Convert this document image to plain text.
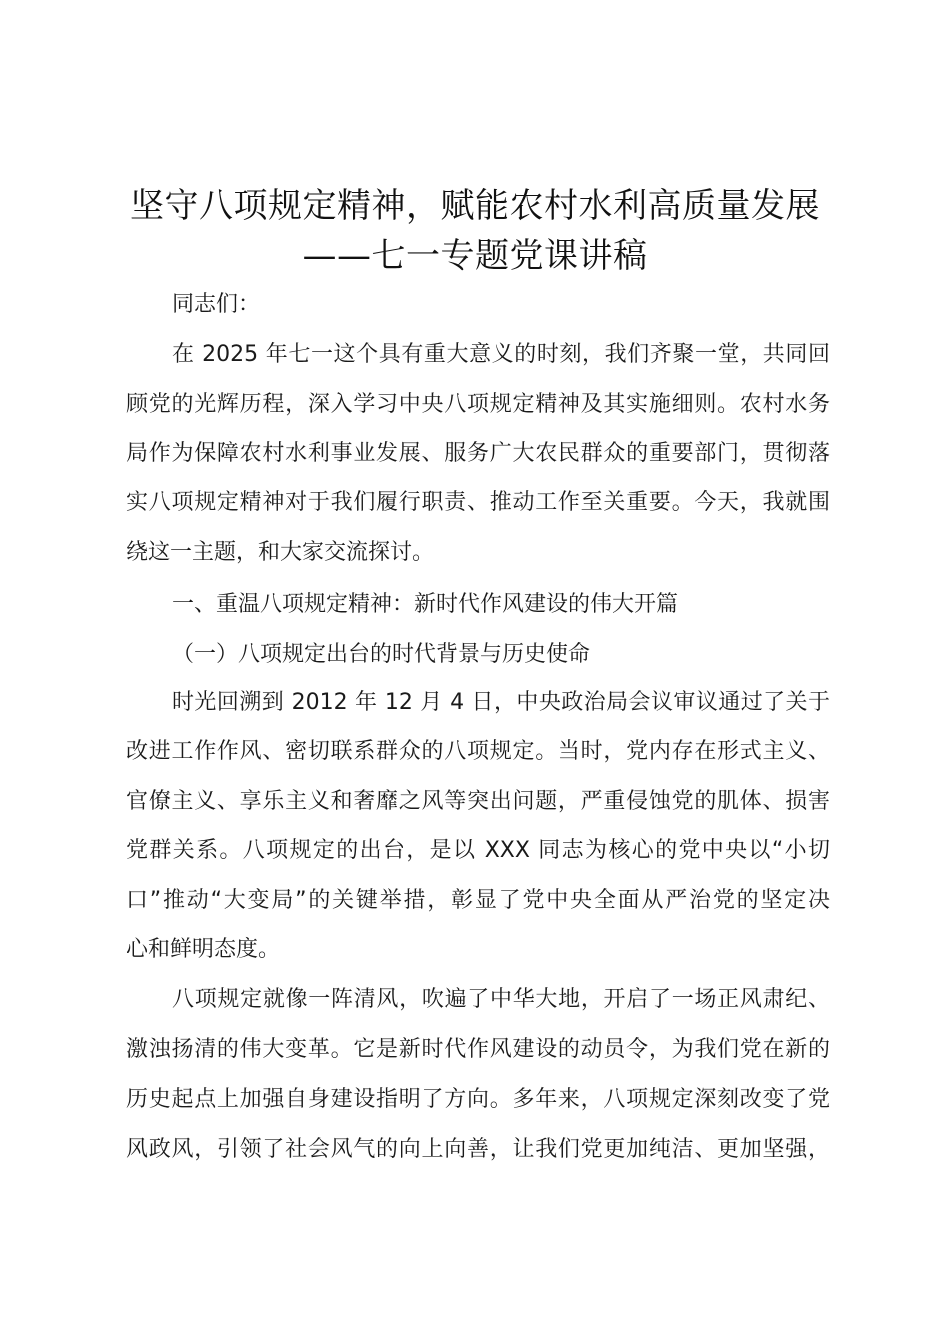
坚守八项规定精神，赋能农村水利高质量发展
——七一专题党课讲稿
同志们：
在 2025 年七一这个具有重大意义的时刻，我们齐聚一堂，共同回
顾党的光辉历程，深入学习中央八项规定精神及其实施细则。农村水务
局作为保障农村水利事业发展、服务广大农民群众的重要部门，贯彻落
实八项规定精神对于我们履行职责、推动工作至关重要。今天，我就围
绕这一主题，和大家交流探讨。
一、重温八项规定精神：新时代作风建设的伟大开篇
（一）八项规定出台的时代背景与历史使命
时光回溯到 2012 年 12 月 4 日，中央政治局会议审议通过了关于
改进工作作风、密切联系群众的八项规定。当时，党内存在形式主义、
官僚主义、享乐主义和奢靡之风等突出问题，严重侵蚀党的肌体、损害
党群关系。八项规定的出台，是以 XXX 同志为核心的党中央以“小切
口”推动“大变局”的关键举措，彰显了党中央全面从严治党的坚定决
心和鲜明态度。
八项规定就像一阵清风，吹遍了中华大地，开启了一场正风肃纪、
激浊扬清的伟大变革。它是新时代作风建设的动员令，为我们党在新的
历史起点上加强自身建设指明了方向。多年来，八项规定深刻改变了党
风政风，引领了社会风气的向上向善，让我们党更加纯洁、更加坚强，
